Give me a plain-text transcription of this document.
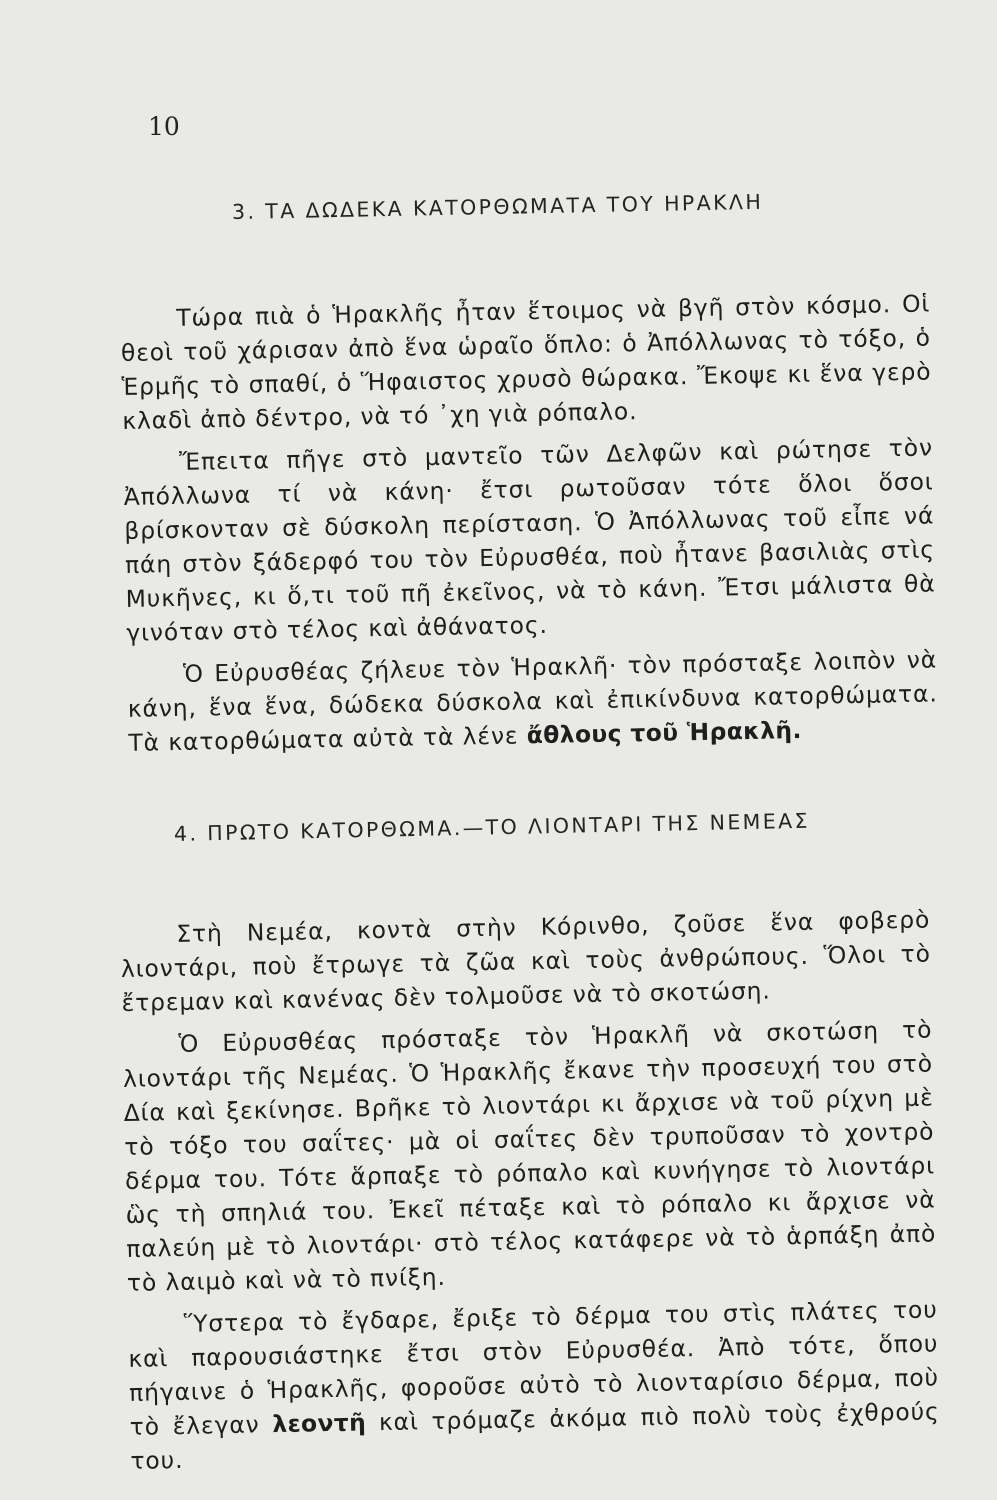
10
3. ΤΑ ΔΩΔΕΚΑ ΚΑΤΟΡΘΩΜΑΤΑ ΤΟΥ ΗΡΑΚΛΗ

Τώρα πιὰ ὁ Ἡρακλῆς ἦταν ἕτοιμος νὰ βγῆ στὸν κόσμο. Οἱ θεοὶ τοῦ χάρισαν ἀπὸ ἕνα ὡραῖο ὅπλο: ὁ Ἀπόλλωνας τὸ τόξο, ὁ Ἑρμῆς τὸ σπαθί, ὁ Ἥφαιστος χρυσὸ θώρακα. Ἔκοψε κι ἕνα γερὸ κλαδὶ ἀπὸ δέντρο, νὰ τό ᾽χη γιὰ ρόπαλο.

Ἔπειτα πῆγε στὸ μαντεῖο τῶν Δελφῶν καὶ ρώτησε τὸν Ἀπόλλωνα τί νὰ κάνη· ἔτσι ρωτοῦσαν τότε ὅλοι ὅσοι βρίσκονταν σὲ δύσκολη περίσταση. Ὁ Ἀπόλλωνας τοῦ εἶπε νά πάη στὸν ξάδερφό του τὸν Εὐρυσθέα, ποὺ ἦτανε βασιλιὰς στὶς Μυκῆνες, κι ὅ,τι τοῦ πῆ ἐκεῖνος, νὰ τὸ κάνη. Ἔτσι μάλιστα θὰ γινόταν στὸ τέλος καὶ ἀθάνατος.

Ὁ Εὐρυσθέας ζήλευε τὸν Ἡρακλῆ· τὸν πρόσταξε λοιπὸν νὰ κάνη, ἕνα ἕνα, δώδεκα δύσκολα καὶ ἐπικίνδυνα κατορθώματα. Τὰ κατορθώματα αὐτὰ τὰ λένε ἄθλους τοῦ Ἡρακλῆ.

4. ΠΡΩΤΟ ΚΑΤΟΡΘΩΜΑ.—ΤΟ ΛΙΟΝΤΑΡΙ ΤΗΣ ΝΕΜΕΑΣ

Στὴ Νεμέα, κοντὰ στὴν Κόρινθο, ζοῦσε ἕνα φοβερὸ λιοντάρι, ποὺ ἔτρωγε τὰ ζῶα καὶ τοὺς ἀνθρώπους. Ὅλοι τὸ ἔτρεμαν καὶ κανένας δὲν τολμοῦσε νὰ τὸ σκοτώση.

Ὁ Εὐρυσθέας πρόσταξε τὸν Ἡρακλῆ νὰ σκοτώση τὸ λιοντάρι τῆς Νεμέας. Ὁ Ἡρακλῆς ἔκανε τὴν προσευχή του στὸ Δία καὶ ξεκίνησε. Βρῆκε τὸ λιοντάρι κι ἄρχισε νὰ τοῦ ρίχνη μὲ τὸ τόξο του σαΐτες· μὰ οἱ σαΐτες δὲν τρυποῦσαν τὸ χοντρὸ δέρμα του. Τότε ἅρπαξε τὸ ρόπαλο καὶ κυνήγησε τὸ λιοντάρι ὣς τὴ σπηλιά του. Ἐκεῖ πέταξε καὶ τὸ ρόπαλο κι ἄρχισε νὰ παλεύη μὲ τὸ λιοντάρι· στὸ τέλος κατάφερε νὰ τὸ ἁρπάξη ἀπὸ τὸ λαιμὸ καὶ νὰ τὸ πνίξη.

Ὕστερα τὸ ἔγδαρε, ἔριξε τὸ δέρμα του στὶς πλάτες του καὶ παρουσιάστηκε ἔτσι στὸν Εὐρυσθέα. Ἀπὸ τότε, ὅπου πήγαινε ὁ Ἡρακλῆς, φοροῦσε αὐτὸ τὸ λιονταρίσιο δέρμα, ποὺ τὸ ἔλεγαν λεοντῆ καὶ τρόμαζε ἀκόμα πιὸ πολὺ τοὺς ἐχθρούς του.
